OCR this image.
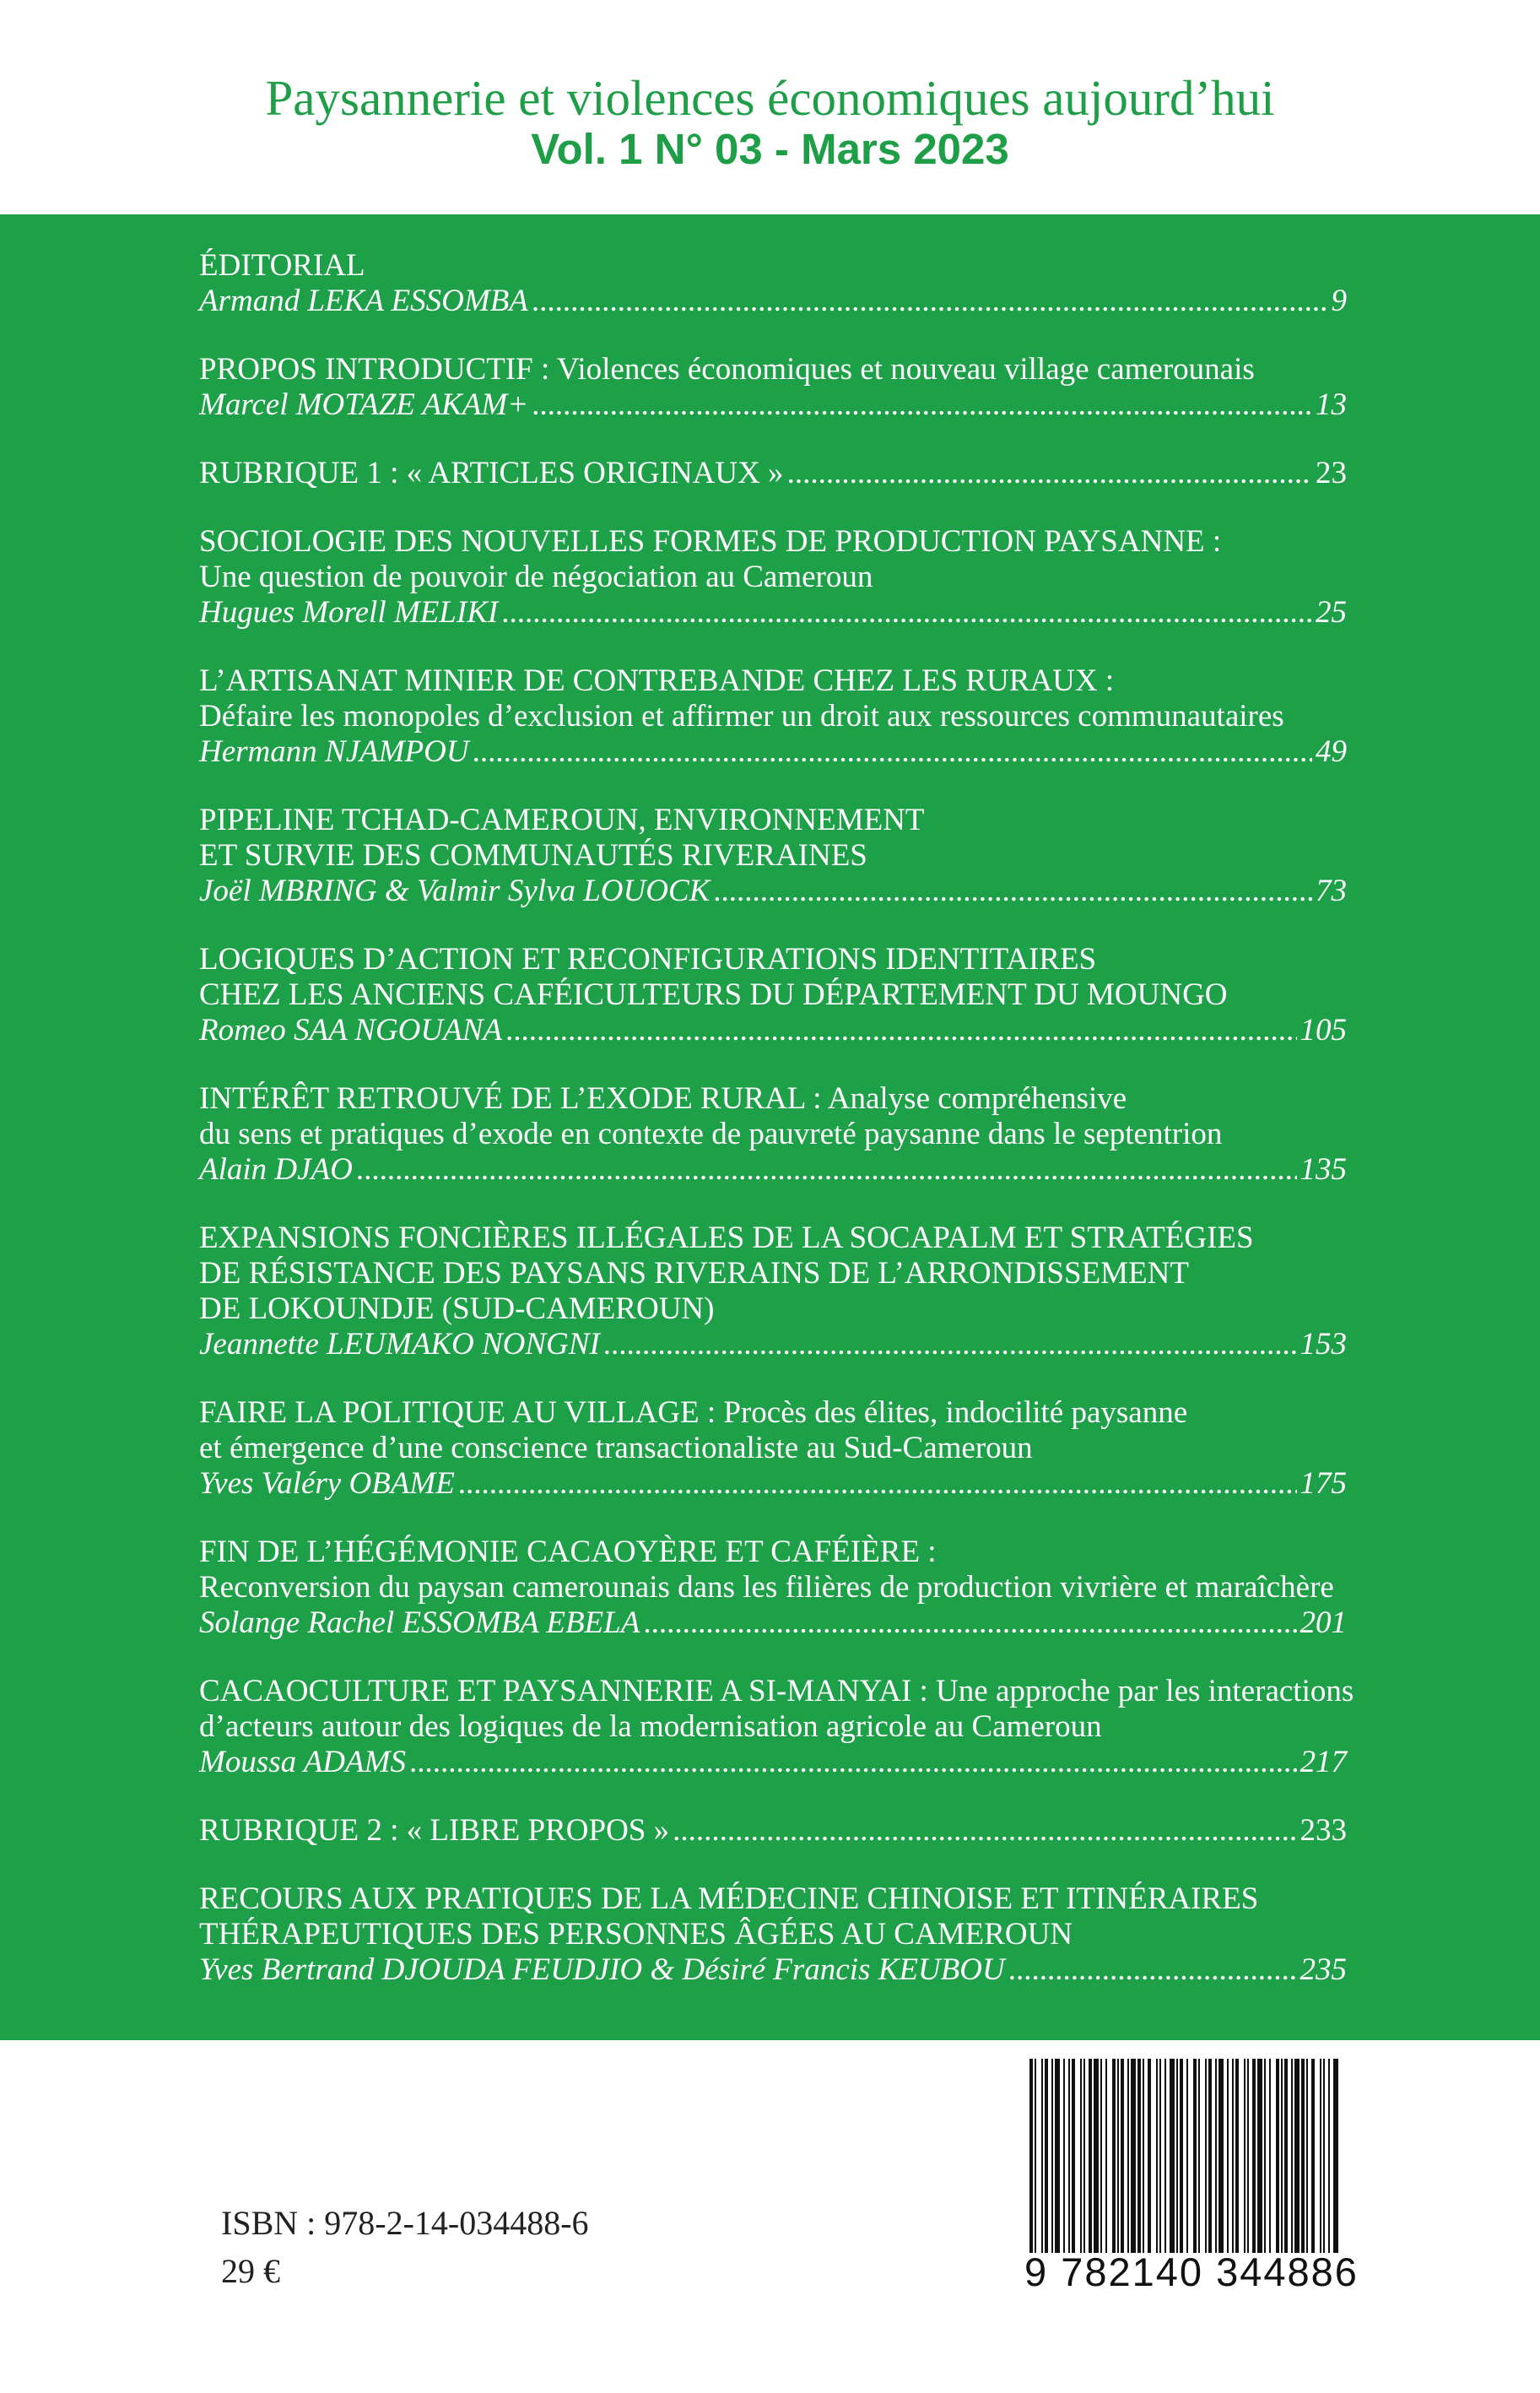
Paysannerie et violences économiques aujourd’hui
Vol. 1 N° 03 - Mars 2023
ÉDITORIAL
Armand LEKA ESSOMBA .....	9
PROPOS INTRODUCTIF : Violences économiques et nouveau village camerounais
Marcel MOTAZE AKAM+ .....	13
RUBRIQUE 1 : « ARTICLES ORIGINAUX » .....	23
SOCIOLOGIE DES NOUVELLES FORMES DE PRODUCTION PAYSANNE :
Une question de pouvoir de négociation au Cameroun
Hugues Morell MELIKI .....	25
L’ARTISANAT MINIER DE CONTREBANDE CHEZ LES RURAUX :
Défaire les monopoles d’exclusion et affirmer un droit aux ressources communautaires
Hermann NJAMPOU .....	49
PIPELINE TCHAD-CAMEROUN, ENVIRONNEMENT
ET SURVIE DES COMMUNAUTÉS RIVERAINES
Joël MBRING & Valmir Sylva LOUOCK .....	73
LOGIQUES D’ACTION ET RECONFIGURATIONS IDENTITAIRES
CHEZ LES ANCIENS CAFÉICULTEURS DU DÉPARTEMENT DU MOUNGO
Romeo SAA NGOUANA .....	105
INTÉRÊT RETROUVÉ DE L’EXODE RURAL : Analyse compréhensive
du sens et pratiques d’exode en contexte de pauvreté paysanne dans le septentrion
Alain DJAO .....	135
EXPANSIONS FONCIÈRES ILLÉGALES DE LA SOCAPALM ET STRATÉGIES
DE RÉSISTANCE DES PAYSANS RIVERAINS DE L’ARRONDISSEMENT
DE LOKOUNDJE (SUD-CAMEROUN)
Jeannette LEUMAKO NONGNI .....	153
FAIRE LA POLITIQUE AU VILLAGE : Procès des élites, indocilité paysanne
et émergence d’une conscience transactionaliste au Sud-Cameroun
Yves Valéry OBAME .....	175
FIN DE L’HÉGÉMONIE CACAOYÈRE ET CAFÉIÈRE :
Reconversion du paysan camerounais dans les filières de production vivrière et maraîchère
Solange Rachel ESSOMBA EBELA .....	201
CACAOCULTURE ET PAYSANNERIE A SI-MANYAI : Une approche par les interactions
d’acteurs autour des logiques de la modernisation agricole au Cameroun
Moussa ADAMS .....	217
RUBRIQUE 2 : « LIBRE PROPOS » .....	233
RECOURS AUX PRATIQUES DE LA MÉDECINE CHINOISE ET ITINÉRAIRES
THÉRAPEUTIQUES DES PERSONNES ÂGÉES AU CAMEROUN
Yves Bertrand DJOUDA FEUDJIO & Désiré Francis KEUBOU .....	235
ISBN : 978-2-14-034488-6
29 €	9 782140 344886
